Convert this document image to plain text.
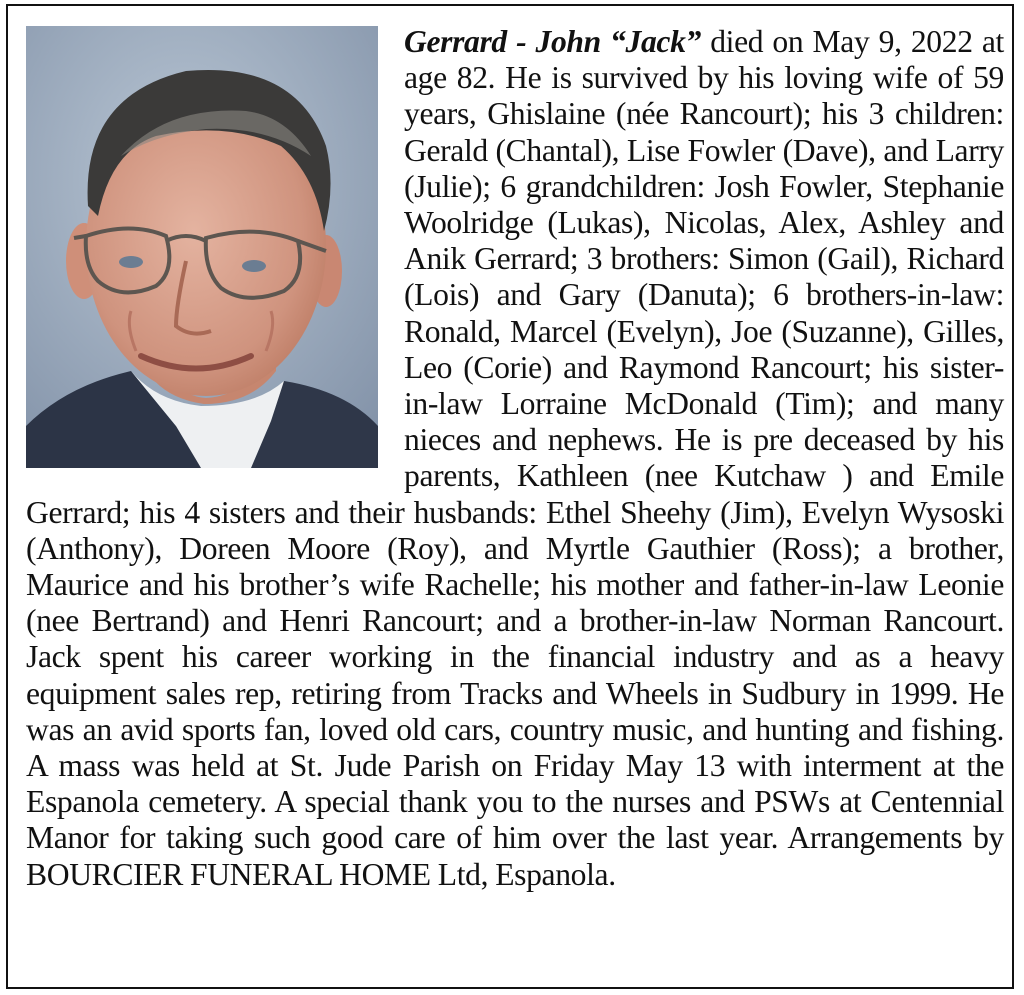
Gerrard - John “Jack” died on May 9, 2022 at age 82. He is survived by his loving wife of 59 years, Ghislaine (née Rancourt); his 3 children: Gerald (Chantal), Lise Fowler (Dave), and Larry (Julie); 6 grandchildren: Josh Fowler, Stephanie Woolridge (Lukas), Nicolas, Alex, Ashley and Anik Gerrard; 3 brothers: Simon (Gail), Richard (Lois) and Gary (Danuta); 6 brothers-in-law: Ronald, Marcel (Evelyn), Joe (Suzanne), Gilles, Leo (Corie) and Raymond Rancourt; his sister-in-law Lorraine McDonald (Tim); and many nieces and nephews. He is pre deceased by his parents, Kathleen (nee Kutchaw ) and Emile Gerrard; his 4 sisters and their husbands: Ethel Sheehy (Jim), Evelyn Wysoski (Anthony), Doreen Moore (Roy), and Myrtle Gauthier (Ross); a brother, Maurice and his brother’s wife Rachelle; his mother and father-in-law Leonie (nee Bertrand) and Henri Rancourt; and a brother-in-law Norman Rancourt. Jack spent his career working in the financial industry and as a heavy equipment sales rep, retiring from Tracks and Wheels in Sudbury in 1999. He was an avid sports fan, loved old cars, country music, and hunting and fishing. A mass was held at St. Jude Parish on Friday May 13 with interment at the Espanola cemetery. A special thank you to the nurses and PSWs at Centennial Manor for taking such good care of him over the last year. Arrangements by BOURCIER FUNERAL HOME Ltd, Espanola.
